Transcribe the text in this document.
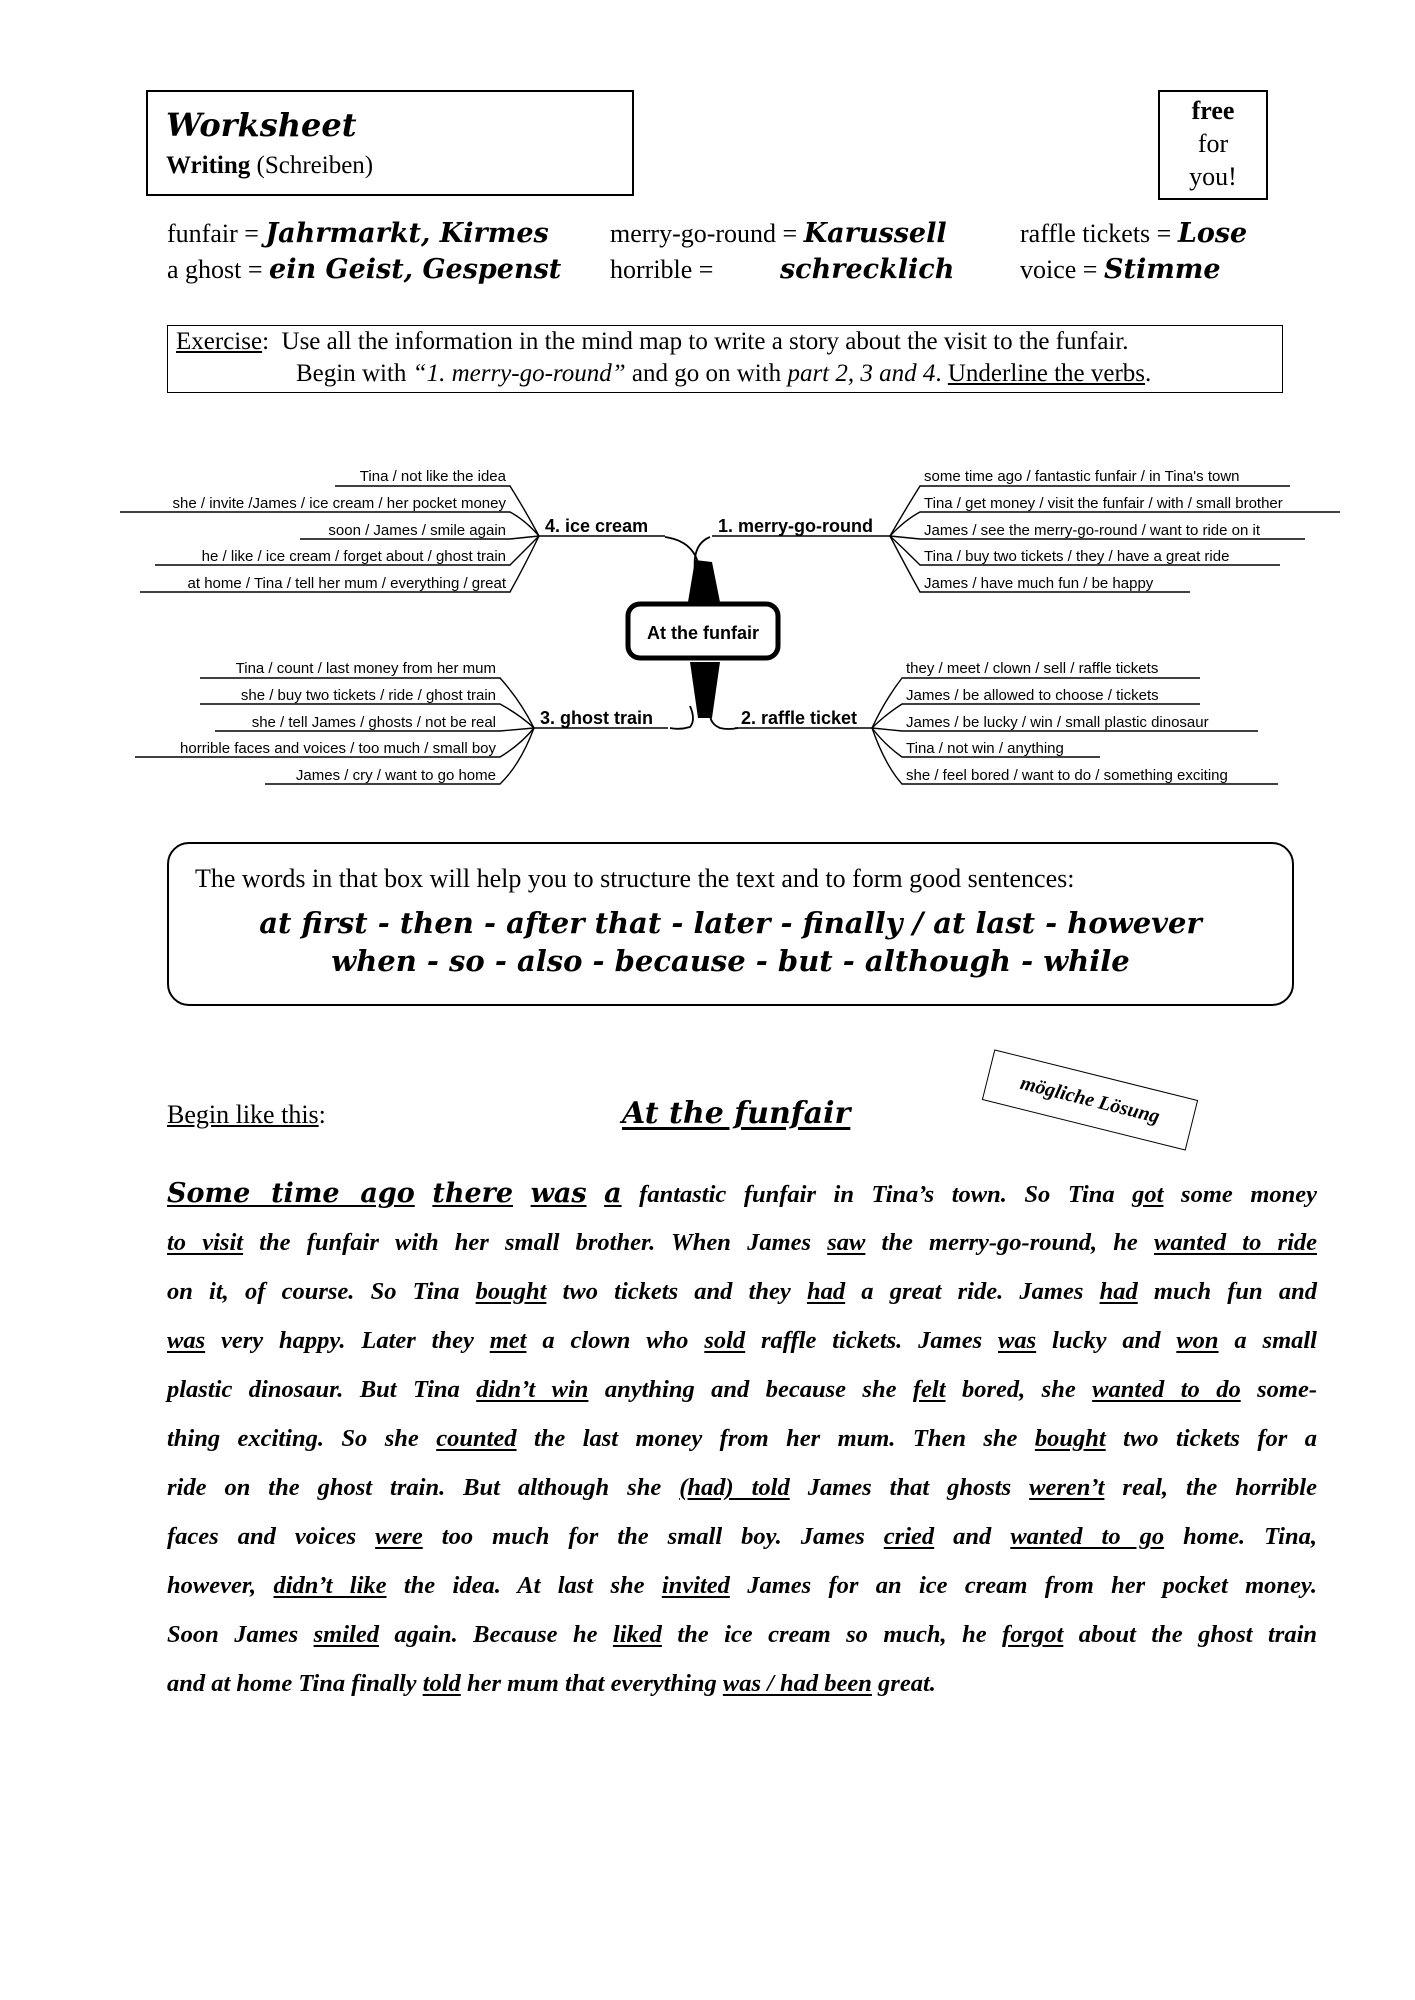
Worksheet
Writing (Schreiben)
free
for
you!
funfair = Jahrmarkt, Kirmes merry-go-round = Karussell	raffle tickets = Lose
a ghost = ein Geist, Gespenst horrible = schrecklich	voice = Stimme
Exercise:  Use all the information in the mind map to write a story about the visit to the funfair.
Begin with “1. merry-go-round” and go on with part 2, 3 and 4. Underline the verbs.
At the funfair
1. merry-go-round
2. raffle ticket
3. ghost train
4. ice cream
some time ago / fantastic funfair / in Tina's town
Tina / get money / visit the funfair / with / small brother
James / see the merry-go-round / want to ride on it
Tina / buy two tickets / they / have a great ride
James / have much fun / be happy
they / meet / clown / sell / raffle tickets
James / be allowed to choose / tickets
James / be lucky / win / small plastic dinosaur
Tina / not win / anything
she / feel bored / want to do / something exciting
Tina / not like the idea
she / invite /James / ice cream / her pocket money
soon / James / smile again
he / like / ice cream / forget about / ghost train
at home / Tina / tell her mum / everything / great
Tina / count / last money from her mum
she / buy two tickets / ride / ghost train
she / tell James / ghosts / not be real
horrible faces and voices / too much / small boy
James / cry / want to go home
The words in that box will help you to structure the text and to form good sentences:
at first - then - after that - later - finally / at last - however
when - so - also - because - but - although - while
Begin like this:	At the funfair	mögliche Lösung
Some time ago there was a fantastic funfair in Tina’s town. So Tina got some money
to visit the funfair with her small brother. When James saw the merry-go-round, he wanted to ride
on it, of course. So Tina bought two tickets and they had a great ride. James had much fun and
was very happy. Later they met a clown who sold raffle tickets. James was lucky and won a small
plastic dinosaur. But Tina didn’t win anything and because she felt bored, she wanted to do some-
thing exciting. So she counted the last money from her mum. Then she bought two tickets for a
ride on the ghost train. But although she (had) told James that ghosts weren’t real, the horrible
faces and voices were too much for the small boy. James cried and wanted to go home. Tina,
however, didn’t like the idea. At last she invited James for an ice cream from her pocket money.
Soon James smiled again. Because he liked the ice cream so much, he forgot about the ghost train
and at home Tina finally told her mum that everything was / had been great.
